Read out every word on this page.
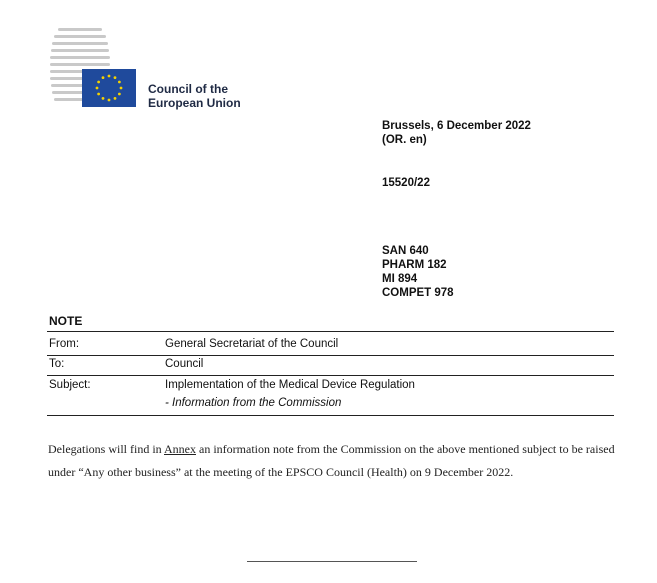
Council of the
European Union
Brussels, 6 December 2022
(OR. en)
15520/22
SAN 640
PHARM 182
MI 894
COMPET 978
NOTE
From:	General Secretariat of the Council
To:	Council
Subject:	Implementation of the Medical Device Regulation
- Information from the Commission
Delegations will find in Annex an information note from the Commission on the above mentioned subject to be raised under “Any other business” at the meeting of the EPSCO Council (Health) on 9 December 2022.
